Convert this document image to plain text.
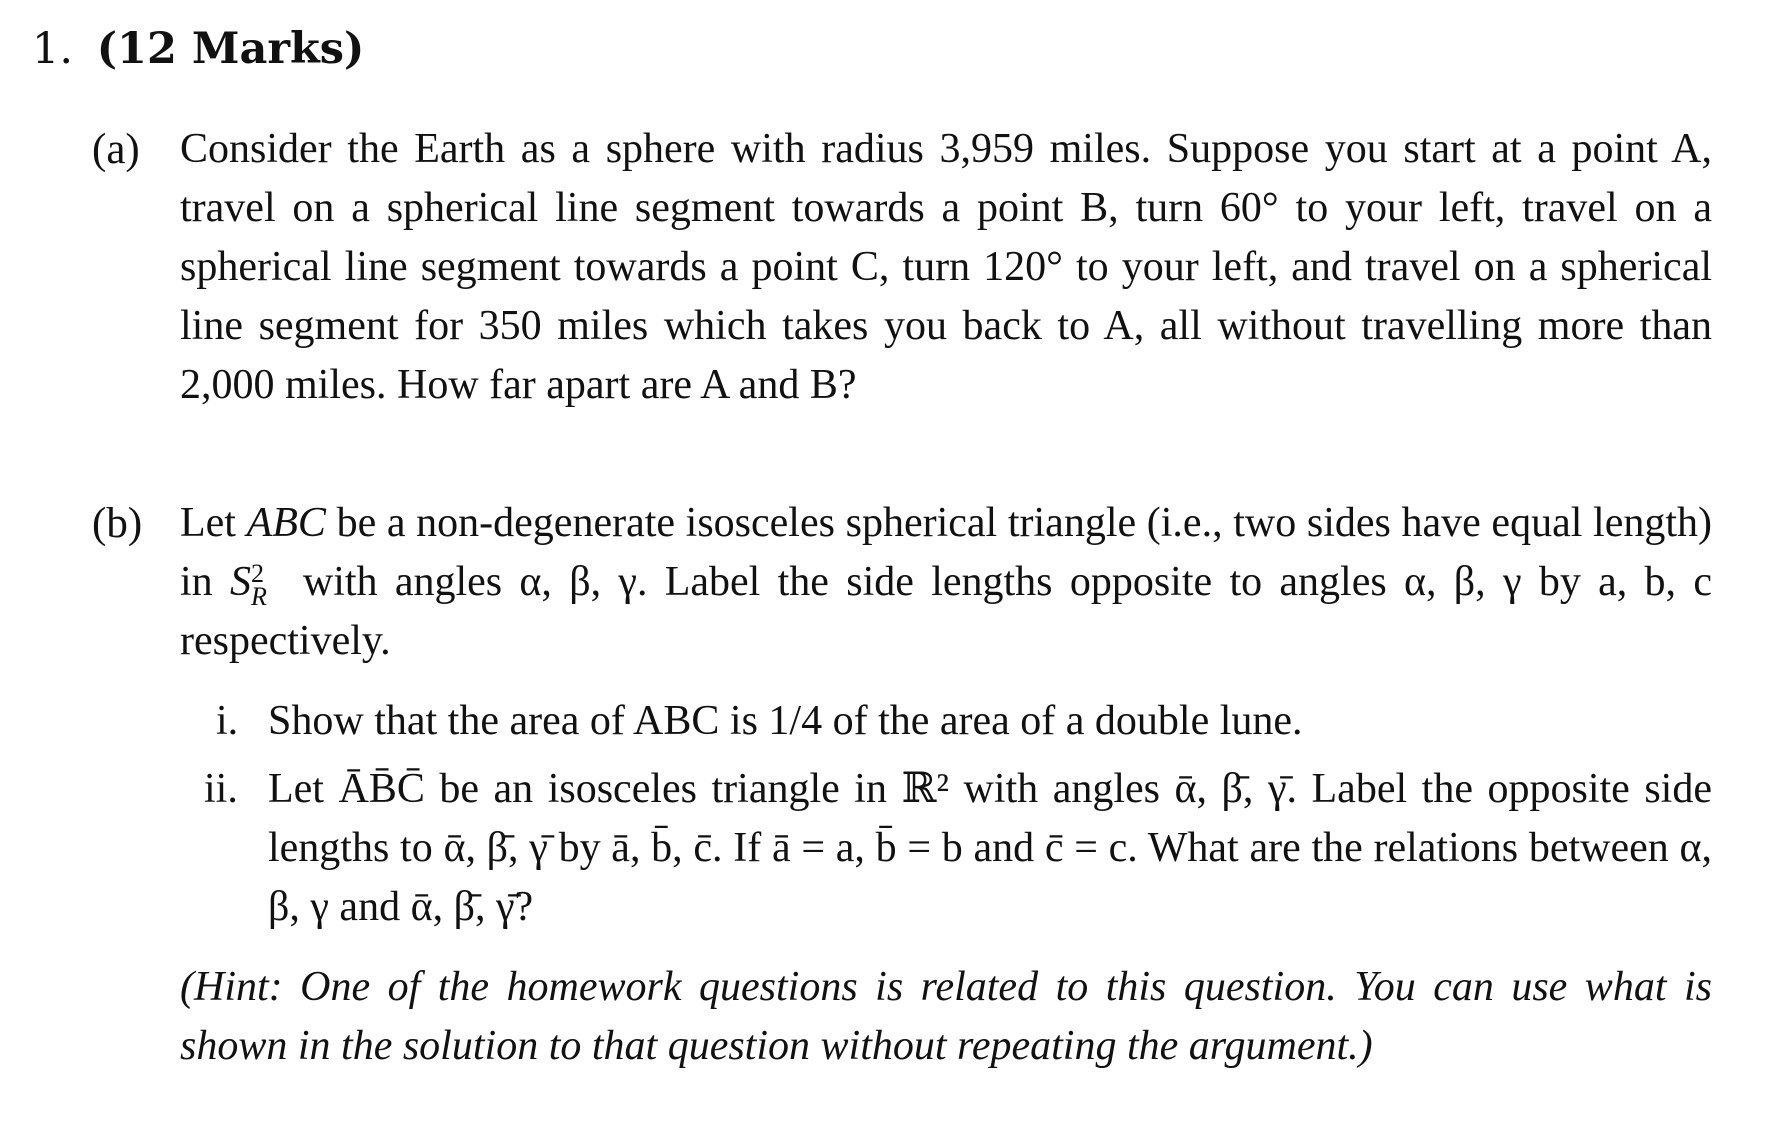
1. (12 Marks)
(a) Consider the Earth as a sphere with radius 3,959 miles. Suppose you start at a point A, travel on a spherical line segment towards a point B, turn 60° to your left, travel on a spherical line segment towards a point C, turn 120° to your left, and travel on a spherical line segment for 350 miles which takes you back to A, all without travelling more than 2,000 miles. How far apart are A and B?
(b) Let ABC be a non-degenerate isosceles spherical triangle (i.e., two sides have equal length) in S 2
R with angles α, β, γ. Label the side lengths opposite to angles α, β, γ by a, b, c respectively.
i. Show that the area of ABC is 1/4 of the area of a double lune.
ii. Let ĀB̄C̄ be an isosceles triangle in ℝ² with angles ᾱ, β̄, γ̄. Label the opposite side lengths to ᾱ, β̄, γ̄ by ā, b̄, c̄. If ā = a, b̄ = b and c̄ = c. What are the relations between α, β, γ and ᾱ, β̄, γ̄?
(Hint: One of the homework questions is related to this question. You can use what is shown in the solution to that question without repeating the argument.)
